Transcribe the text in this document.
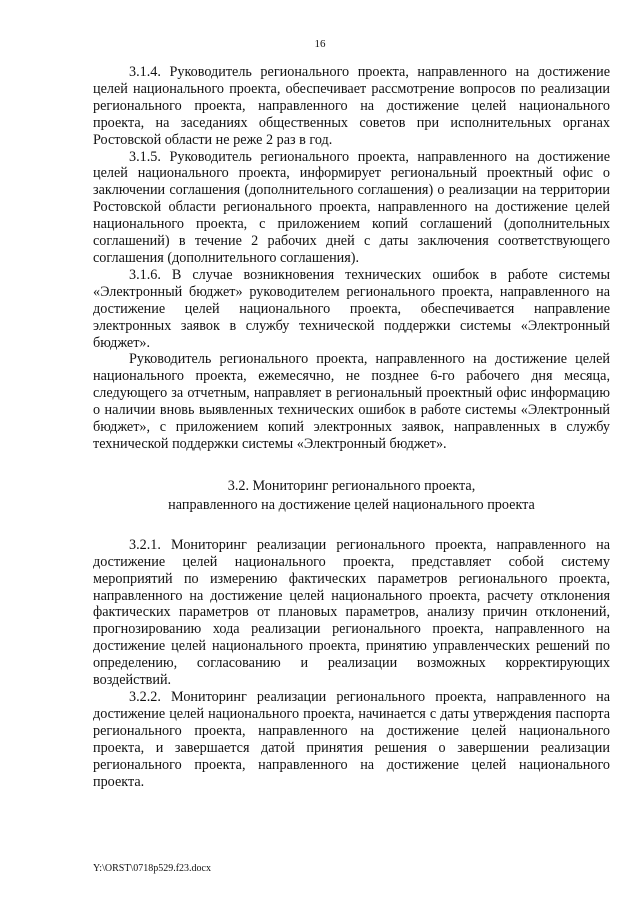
16

3.1.4. Руководитель регионального проекта, направленного на достижение целей национального проекта, обеспечивает рассмотрение вопросов по реализации регионального проекта, направленного на достижение целей национального проекта, на заседаниях общественных советов при исполнительных органах Ростовской области не реже 2 раз в год.

3.1.5. Руководитель регионального проекта, направленного на достижение целей национального проекта, информирует региональный проектный офис о заключении соглашения (дополнительного соглашения) о реализации на территории Ростовской области регионального проекта, направленного на достижение целей национального проекта, с приложением копий соглашений (дополнительных соглашений) в течение 2 рабочих дней с даты заключения соответствующего соглашения (дополнительного соглашения).

3.1.6. В случае возникновения технических ошибок в работе системы «Электронный бюджет» руководителем регионального проекта, направленного на достижение целей национального проекта, обеспечивается направление электронных заявок в службу технической поддержки системы «Электронный бюджет».

Руководитель регионального проекта, направленного на достижение целей национального проекта, ежемесячно, не позднее 6-го рабочего дня месяца, следующего за отчетным, направляет в региональный проектный офис информацию о наличии вновь выявленных технических ошибок в работе системы «Электронный бюджет», с приложением копий электронных заявок, направленных в службу технической поддержки системы «Электронный бюджет».

3.2. Мониторинг регионального проекта,
направленного на достижение целей национального проекта

3.2.1. Мониторинг реализации регионального проекта, направленного на достижение целей национального проекта, представляет собой систему мероприятий по измерению фактических параметров регионального проекта, направленного на достижение целей национального проекта, расчету отклонения фактических параметров от плановых параметров, анализу причин отклонений, прогнозированию хода реализации регионального проекта, направленного на достижение целей национального проекта, принятию управленческих решений по определению, согласованию и реализации возможных корректирующих воздействий.

3.2.2. Мониторинг реализации регионального проекта, направленного на достижение целей национального проекта, начинается с даты утверждения паспорта регионального проекта, направленного на достижение целей национального проекта, и завершается датой принятия решения о завершении реализации регионального проекта, направленного на достижение целей национального проекта.

Y:\ORST\0718p529.f23.docx
